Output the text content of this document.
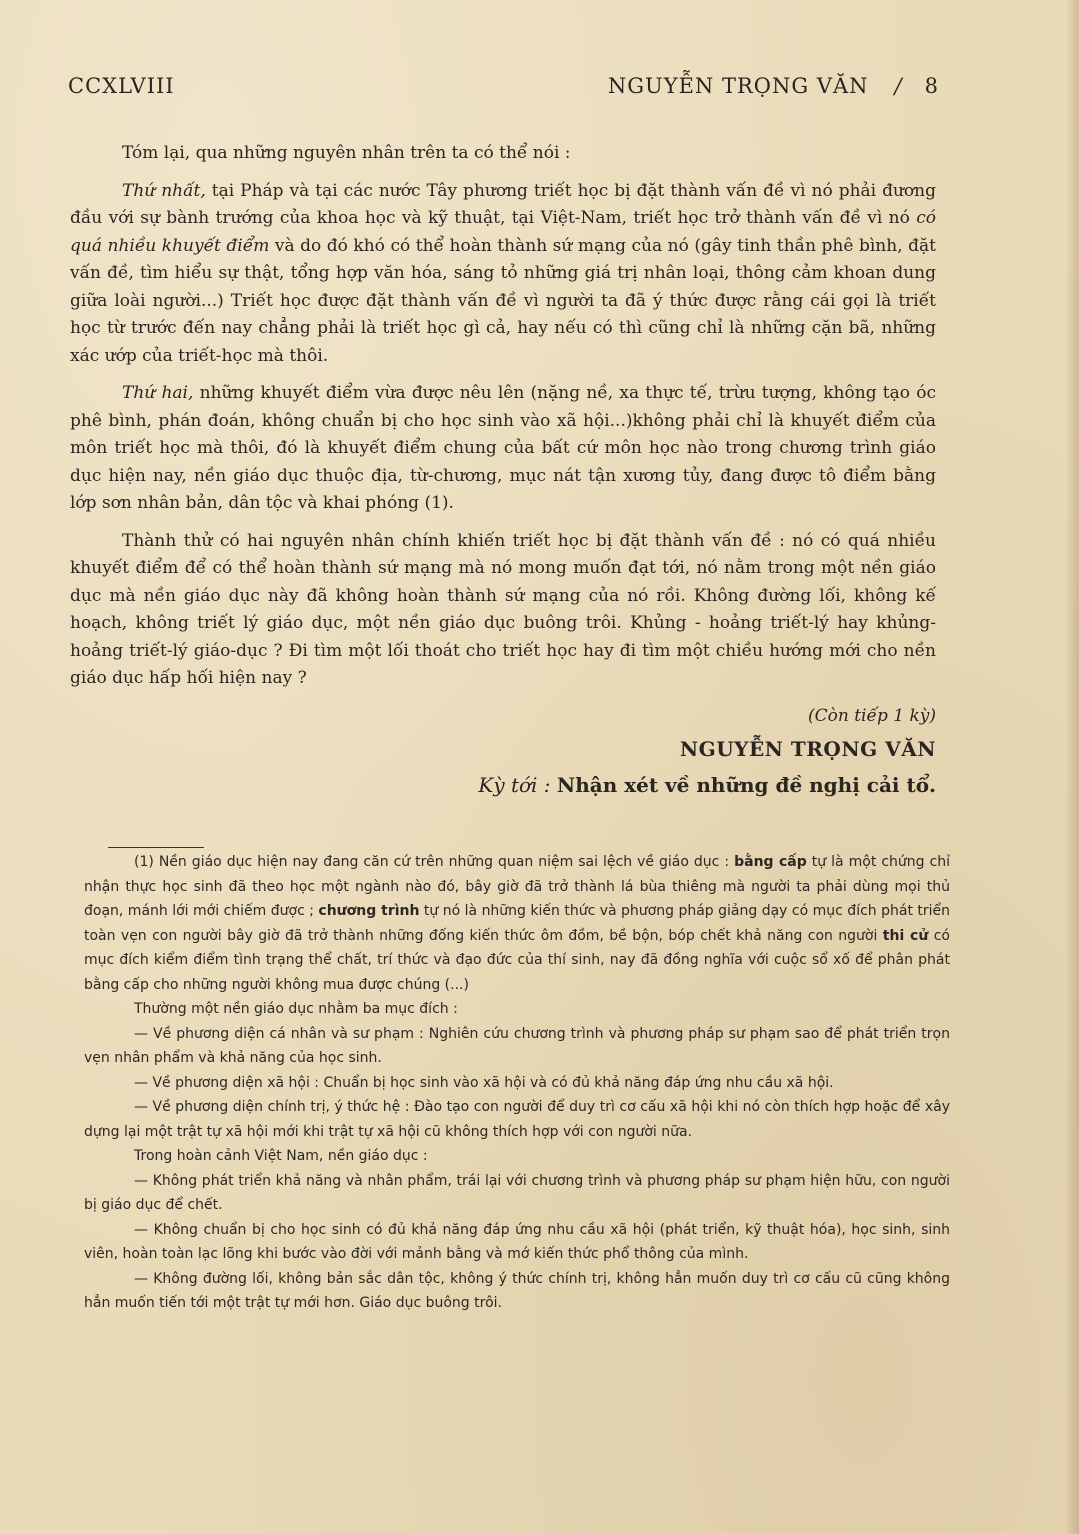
CCXLVIII	NGUYỄN TRỌNG VĂN / 8

Tóm lại, qua những nguyên nhân trên ta có thể nói :

Thứ nhất, tại Pháp và tại các nước Tây phương triết học bị đặt thành vấn đề vì nó phải đương đầu với sự bành trướng của khoa học và kỹ thuật, tại Việt-Nam, triết học trở thành vấn đề vì nó có quá nhiều khuyết điểm và do đó khó có thể hoàn thành sứ mạng của nó (gây tinh thần phê bình, đặt vấn đề, tìm hiểu sự thật, tổng hợp văn hóa, sáng tỏ những giá trị nhân loại, thông cảm khoan dung giữa loài người...) Triết học được đặt thành vấn đề vì người ta đã ý thức được rằng cái gọi là triết học từ trước đến nay chẳng phải là triết học gì cả, hay nếu có thì cũng chỉ là những cặn bã, những xác ướp của triết-học mà thôi.

Thứ hai, những khuyết điểm vừa được nêu lên (nặng nề, xa thực tế, trừu tượng, không tạo óc phê bình, phán đoán, không chuẩn bị cho học sinh vào xã hội...)không phải chỉ là khuyết điểm của môn triết học mà thôi, đó là khuyết điểm chung của bất cứ môn học nào trong chương trình giáo dục hiện nay, nền giáo dục thuộc địa, từ-chương, mục nát tận xương tủy, đang được tô điểm bằng lớp sơn nhân bản, dân tộc và khai phóng (1).

Thành thử có hai nguyên nhân chính khiến triết học bị đặt thành vấn đề : nó có quá nhiều khuyết điểm để có thể hoàn thành sứ mạng mà nó mong muốn đạt tới, nó nằm trong một nền giáo dục mà nền giáo dục này đã không hoàn thành sứ mạng của nó rồi. Không đường lối, không kế hoạch, không triết lý giáo dục, một nền giáo dục buông trôi. Khủng - hoảng triết-lý hay khủng-hoảng triết-lý giáo-dục ? Đi tìm một lối thoát cho triết học hay đi tìm một chiều hướng mới cho nền giáo dục hấp hối hiện nay ?

(Còn tiếp 1 kỳ)
NGUYỄN TRỌNG VĂN
Kỳ tới : Nhận xét về những đề nghị cải tổ.

(1) Nền giáo dục hiện nay đang căn cứ trên những quan niệm sai lệch về giáo dục : bằng cấp tự là một chứng chỉ nhận thực học sinh đã theo học một ngành nào đó, bây giờ đã trở thành lá bùa thiêng mà người ta phải dùng mọi thủ đoạn, mánh lới mới chiếm được ; chương trình tự nó là những kiến thức và phương pháp giảng dạy có mục đích phát triển toàn vẹn con người bây giờ đã trở thành những đống kiến thức ôm đồm, bề bộn, bóp chết khả năng con người thi cử có mục đích kiểm điểm tình trạng thể chất, trí thức và đạo đức của thí sinh, nay đã đồng nghĩa với cuộc sổ xố để phân phát bằng cấp cho những người không mua được chúng (...)

Thường một nền giáo dục nhằm ba mục đích :

— Về phương diện cá nhân và sư phạm : Nghiên cứu chương trình và phương pháp sư phạm sao để phát triển trọn vẹn nhân phẩm và khả năng của học sinh.

— Về phương diện xã hội : Chuẩn bị học sinh vào xã hội và có đủ khả năng đáp ứng nhu cầu xã hội.

— Về phương diện chính trị, ý thức hệ : Đào tạo con người để duy trì cơ cấu xã hội khi nó còn thích hợp hoặc để xây dựng lại một trật tự xã hội mới khi trật tự xã hội cũ không thích hợp với con người nữa.

Trong hoàn cảnh Việt Nam, nền giáo dục :

— Không phát triển khả năng và nhân phẩm, trái lại với chương trình và phương pháp sư phạm hiện hữu, con người bị giáo dục để chết.

— Không chuẩn bị cho học sinh có đủ khả năng đáp ứng nhu cầu xã hội (phát triển, kỹ thuật hóa), học sinh, sinh viên, hoàn toàn lạc lõng khi bước vào đời với mảnh bằng và mớ kiến thức phổ thông của mình.

— Không đường lối, không bản sắc dân tộc, không ý thức chính trị, không hẳn muốn duy trì cơ cấu cũ cũng không hẳn muốn tiến tới một trật tự mới hơn. Giáo dục buông trôi.
